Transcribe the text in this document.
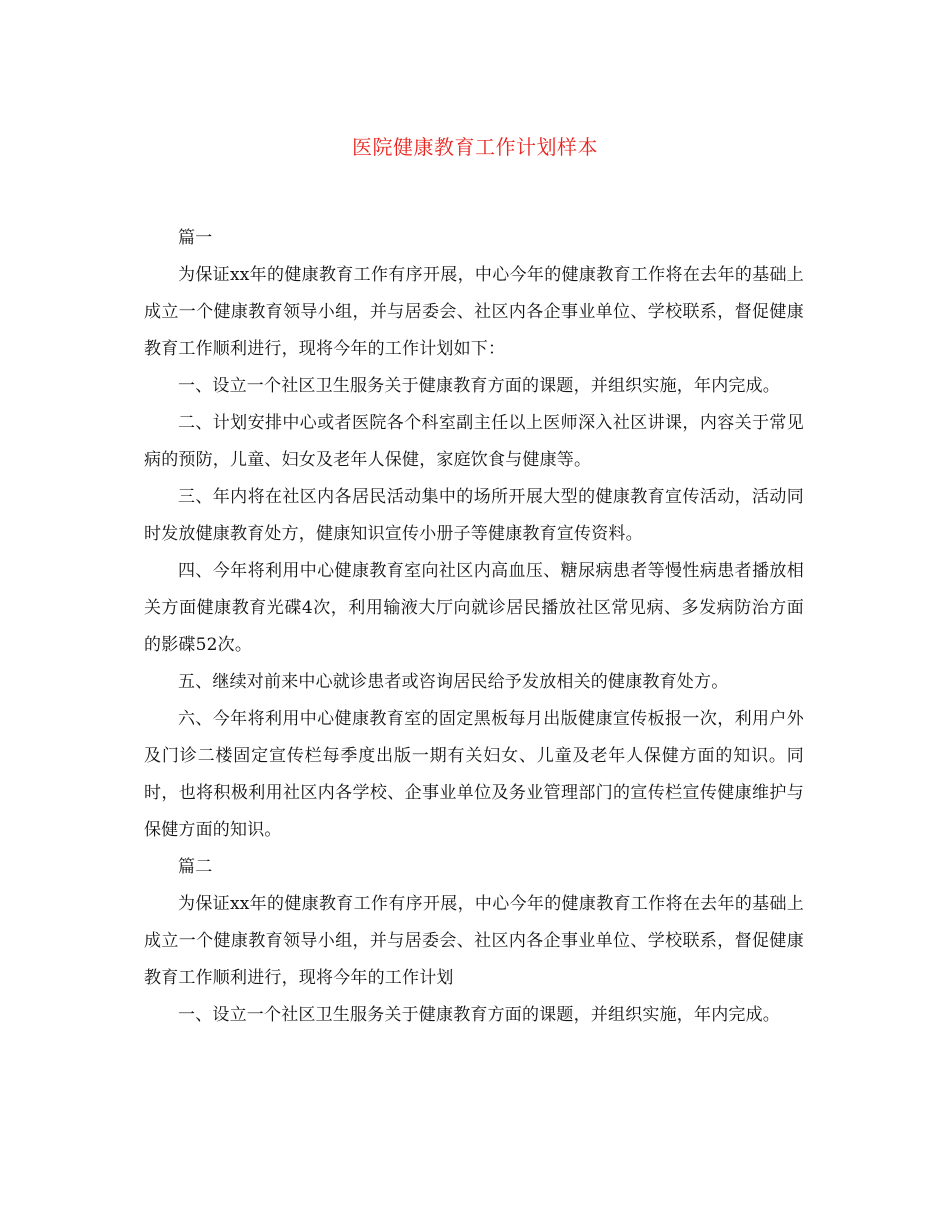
医院健康教育工作计划样本

篇一

为保证xx年的健康教育工作有序开展，中心今年的健康教育工作将在去年的基础上成立一个健康教育领导小组，并与居委会、社区内各企事业单位、学校联系，督促健康教育工作顺利进行，现将今年的工作计划如下：

一、设立一个社区卫生服务关于健康教育方面的课题，并组织实施，年内完成。

二、计划安排中心或者医院各个科室副主任以上医师深入社区讲课，内容关于常见病的预防，儿童、妇女及老年人保健，家庭饮食与健康等。

三、年内将在社区内各居民活动集中的场所开展大型的健康教育宣传活动，活动同时发放健康教育处方，健康知识宣传小册子等健康教育宣传资料。

四、今年将利用中心健康教育室向社区内高血压、糖尿病患者等慢性病患者播放相关方面健康教育光碟4次，利用输液大厅向就诊居民播放社区常见病、多发病防治方面的影碟52次。

五、继续对前来中心就诊患者或咨询居民给予发放相关的健康教育处方。

六、今年将利用中心健康教育室的固定黑板每月出版健康宣传板报一次，利用户外及门诊二楼固定宣传栏每季度出版一期有关妇女、儿童及老年人保健方面的知识。同时，也将积极利用社区内各学校、企事业单位及务业管理部门的宣传栏宣传健康维护与保健方面的知识。

篇二

为保证xx年的健康教育工作有序开展，中心今年的健康教育工作将在去年的基础上成立一个健康教育领导小组，并与居委会、社区内各企事业单位、学校联系，督促健康教育工作顺利进行，现将今年的工作计划

一、设立一个社区卫生服务关于健康教育方面的课题，并组织实施，年内完成。
